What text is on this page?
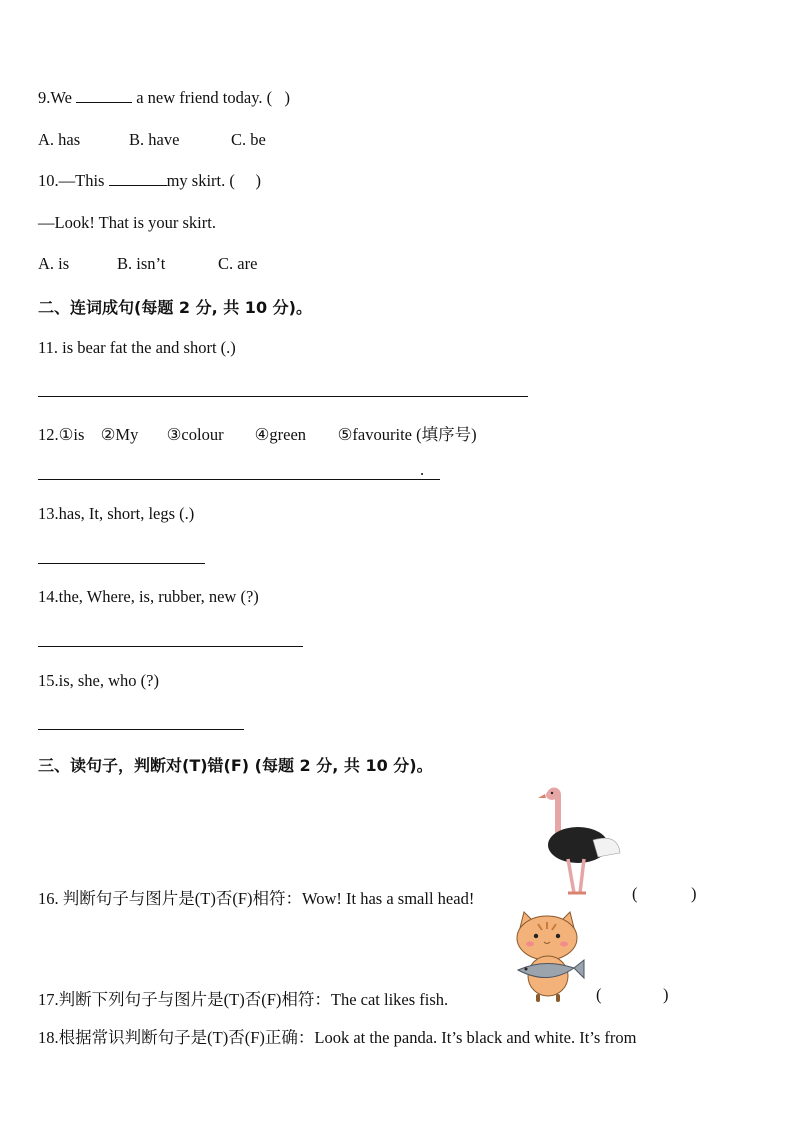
9.We	a new friend today. ( )
A. has	B. have	C. be
10.—This	my skirt. ( )
—Look! That is your skirt.
A. is	B. isn’t	C. are
二、连词成句(每题 2 分, 共 10 分)。
11. is bear fat the and short (.)
12.①is ②My ③colour ④green ⑤favourite (填序号)
.
13.has, It, short, legs (.)
14.the, Where, is, rubber, new (?)
15.is, she, who (?)
三、读句子，判断对(T)错(F) (每题 2 分, 共 10 分)。
16. 判断句子与图片是(T)否(F)相符：Wow! It has a small head!	(	)
17.判断下列句子与图片是(T)否(F)相符：The cat likes fish.	(	)
18.根据常识判断句子是(T)否(F)正确：Look at the panda. It’s black and white. It’s from
